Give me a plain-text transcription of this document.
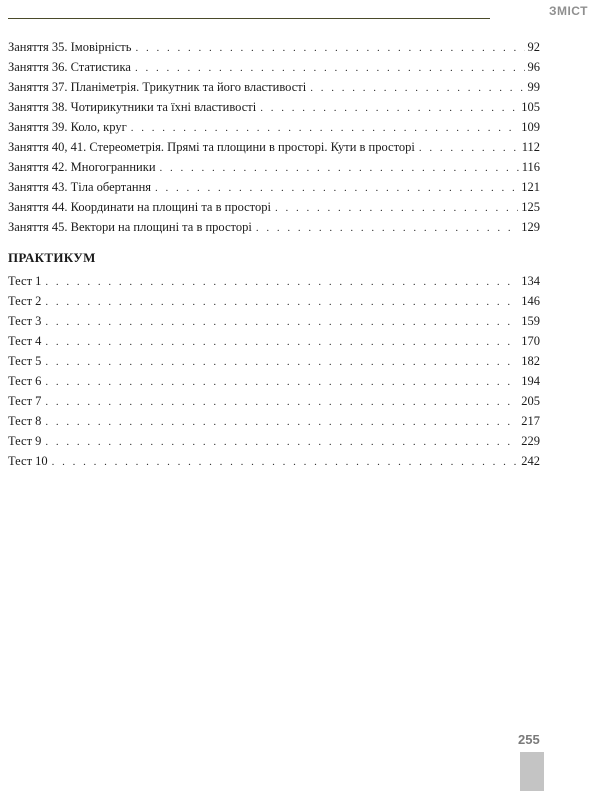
ЗМІСТ
Заняття 35. Імовірність . . .	92
Заняття 36. Статистика . . .	96
Заняття 37. Планіметрія. Трикутник та його властивості . . .	99
Заняття 38. Чотирикутники та їхні властивості . . .	105
Заняття 39. Коло, круг . . .	109
Заняття 40, 41. Стереометрія. Прямі та площини в просторі. Кути в просторі . . .	112
Заняття 42. Многогранники . . .	116
Заняття 43. Тіла обертання . . .	121
Заняття 44. Координати на площині та в просторі . . .	125
Заняття 45. Вектори на площині та в просторі . . .	129
ПРАКТИКУМ
Тест 1 . . .	134
Тест 2 . . .	146
Тест 3 . . .	159
Тест 4 . . .	170
Тест 5 . . .	182
Тест 6 . . .	194
Тест 7 . . .	205
Тест 8 . . .	217
Тест 9 . . .	229
Тест 10 . . .	242
255
